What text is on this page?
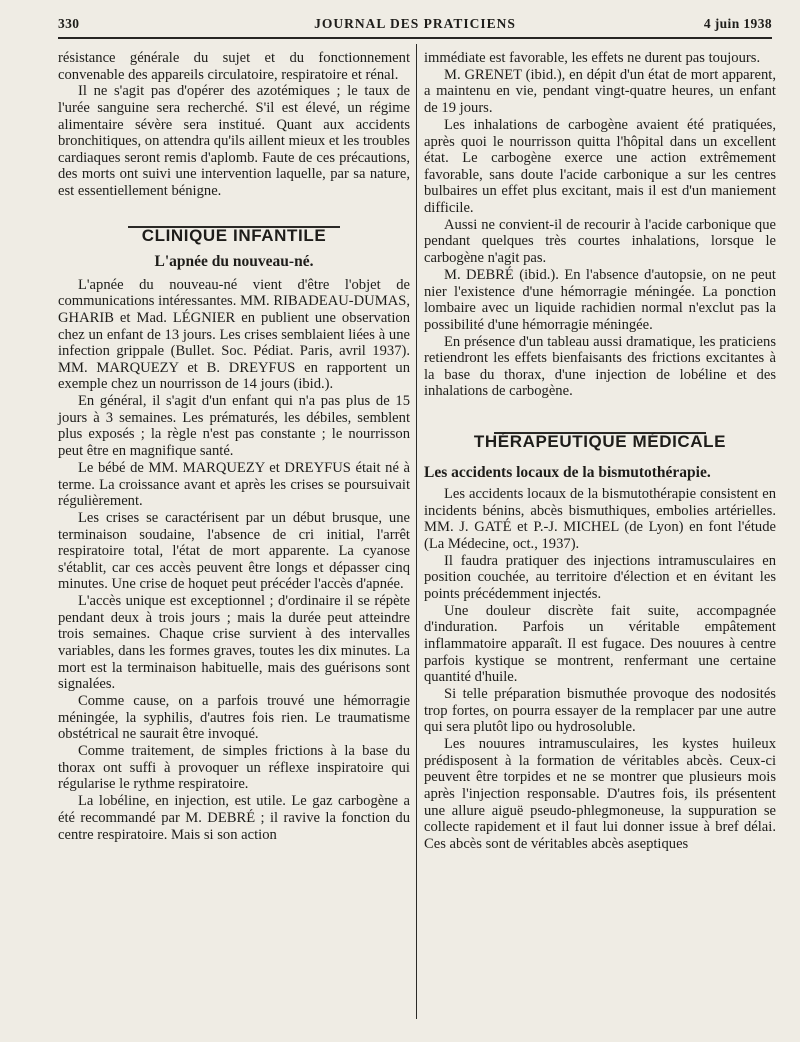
330	JOURNAL DES PRATICIENS	4 juin 1938

résistance générale du sujet et du fonctionnement convenable des appareils circulatoire, respiratoire et rénal.

Il ne s'agit pas d'opérer des azotémiques ; le taux de l'urée sanguine sera recherché. S'il est élevé, un régime alimentaire sévère sera institué. Quant aux accidents bronchitiques, on attendra qu'ils aillent mieux et les troubles cardiaques seront remis d'aplomb. Faute de ces précautions, des morts ont suivi une intervention laquelle, par sa nature, est essentiellement bénigne.

CLINIQUE INFANTILE
L'apnée du nouveau-né.

L'apnée du nouveau-né vient d'être l'objet de communications intéressantes. MM. RIBADEAU-DUMAS, GHARIB et Mad. LÉGNIER en publient une observation chez un enfant de 13 jours. Les crises semblaient liées à une infection grippale (Bullet. Soc. Pédiat. Paris, avril 1937). MM. MARQUEZY et B. DREYFUS en rapportent un exemple chez un nourrisson de 14 jours (ibid.).

En général, il s'agit d'un enfant qui n'a pas plus de 15 jours à 3 semaines. Les prématurés, les débiles, semblent plus exposés ; la règle n'est pas constante ; le nourrisson peut être en magnifique santé.

Le bébé de MM. MARQUEZY et DREYFUS était né à terme. La croissance avant et après les crises se poursuivait régulièrement.

Les crises se caractérisent par un début brusque, une terminaison soudaine, l'absence de cri initial, l'arrêt respiratoire total, l'état de mort apparente. La cyanose s'établit, car ces accès peuvent être longs et dépasser cinq minutes. Une crise de hoquet peut précéder l'accès d'apnée.

L'accès unique est exceptionnel ; d'ordinaire il se répète pendant deux à trois jours ; mais la durée peut atteindre trois semaines. Chaque crise survient à des intervalles variables, dans les formes graves, toutes les dix minutes. La mort est la terminaison habituelle, mais des guérisons sont signalées.

Comme cause, on a parfois trouvé une hémorragie méningée, la syphilis, d'autres fois rien. Le traumatisme obstétrical ne saurait être invoqué.

Comme traitement, de simples frictions à la base du thorax ont suffi à provoquer un réflexe inspiratoire qui régularise le rythme respiratoire.

La lobéline, en injection, est utile. Le gaz carbogène a été recommandé par M. DEBRÉ ; il ravive la fonction du centre respiratoire. Mais si son action

immédiate est favorable, les effets ne durent pas toujours.

M. GRENET (ibid.), en dépit d'un état de mort apparent, a maintenu en vie, pendant vingt-quatre heures, un enfant de 19 jours.

Les inhalations de carbogène avaient été pratiquées, après quoi le nourrisson quitta l'hôpital dans un excellent état. Le carbogène exerce une action extrêmement favorable, sans doute l'acide carbonique a sur les centres bulbaires un effet plus excitant, mais il est d'un maniement difficile.

Aussi ne convient-il de recourir à l'acide carbonique que pendant quelques très courtes inhalations, lorsque le carbogène n'agit pas.

M. DEBRÉ (ibid.). En l'absence d'autopsie, on ne peut nier l'existence d'une hémorragie méningée. La ponction lombaire avec un liquide rachidien normal n'exclut pas la possibilité d'une hémorragie méningée.

En présence d'un tableau aussi dramatique, les praticiens retiendront les effets bienfaisants des frictions excitantes à la base du thorax, d'une injection de lobéline et des inhalations de carbogène.

THÉRAPEUTIQUE MÉDICALE
Les accidents locaux de la bismutothérapie.

Les accidents locaux de la bismutothérapie consistent en incidents bénins, abcès bismuthiques, embolies artérielles. MM. J. GATÉ et P.-J. MICHEL (de Lyon) en font l'étude (La Médecine, oct., 1937).

Il faudra pratiquer des injections intramusculaires en position couchée, au territoire d'élection et en évitant les points précédemment injectés.

Une douleur discrète fait suite, accompagnée d'induration. Parfois un véritable empâtement inflammatoire apparaît. Il est fugace. Des nouures à centre parfois kystique se montrent, renfermant une certaine quantité d'huile.

Si telle préparation bismuthée provoque des nodosités trop fortes, on pourra essayer de la remplacer par une autre qui sera plutôt lipo ou hydrosoluble.

Les nouures intramusculaires, les kystes huileux prédisposent à la formation de véritables abcès. Ceux-ci peuvent être torpides et ne se montrer que plusieurs mois après l'injection responsable. D'autres fois, ils présentent une allure aiguë pseudo-phlegmoneuse, la suppuration se collecte rapidement et il faut lui donner issue à bref délai. Ces abcès sont de véritables abcès aseptiques
